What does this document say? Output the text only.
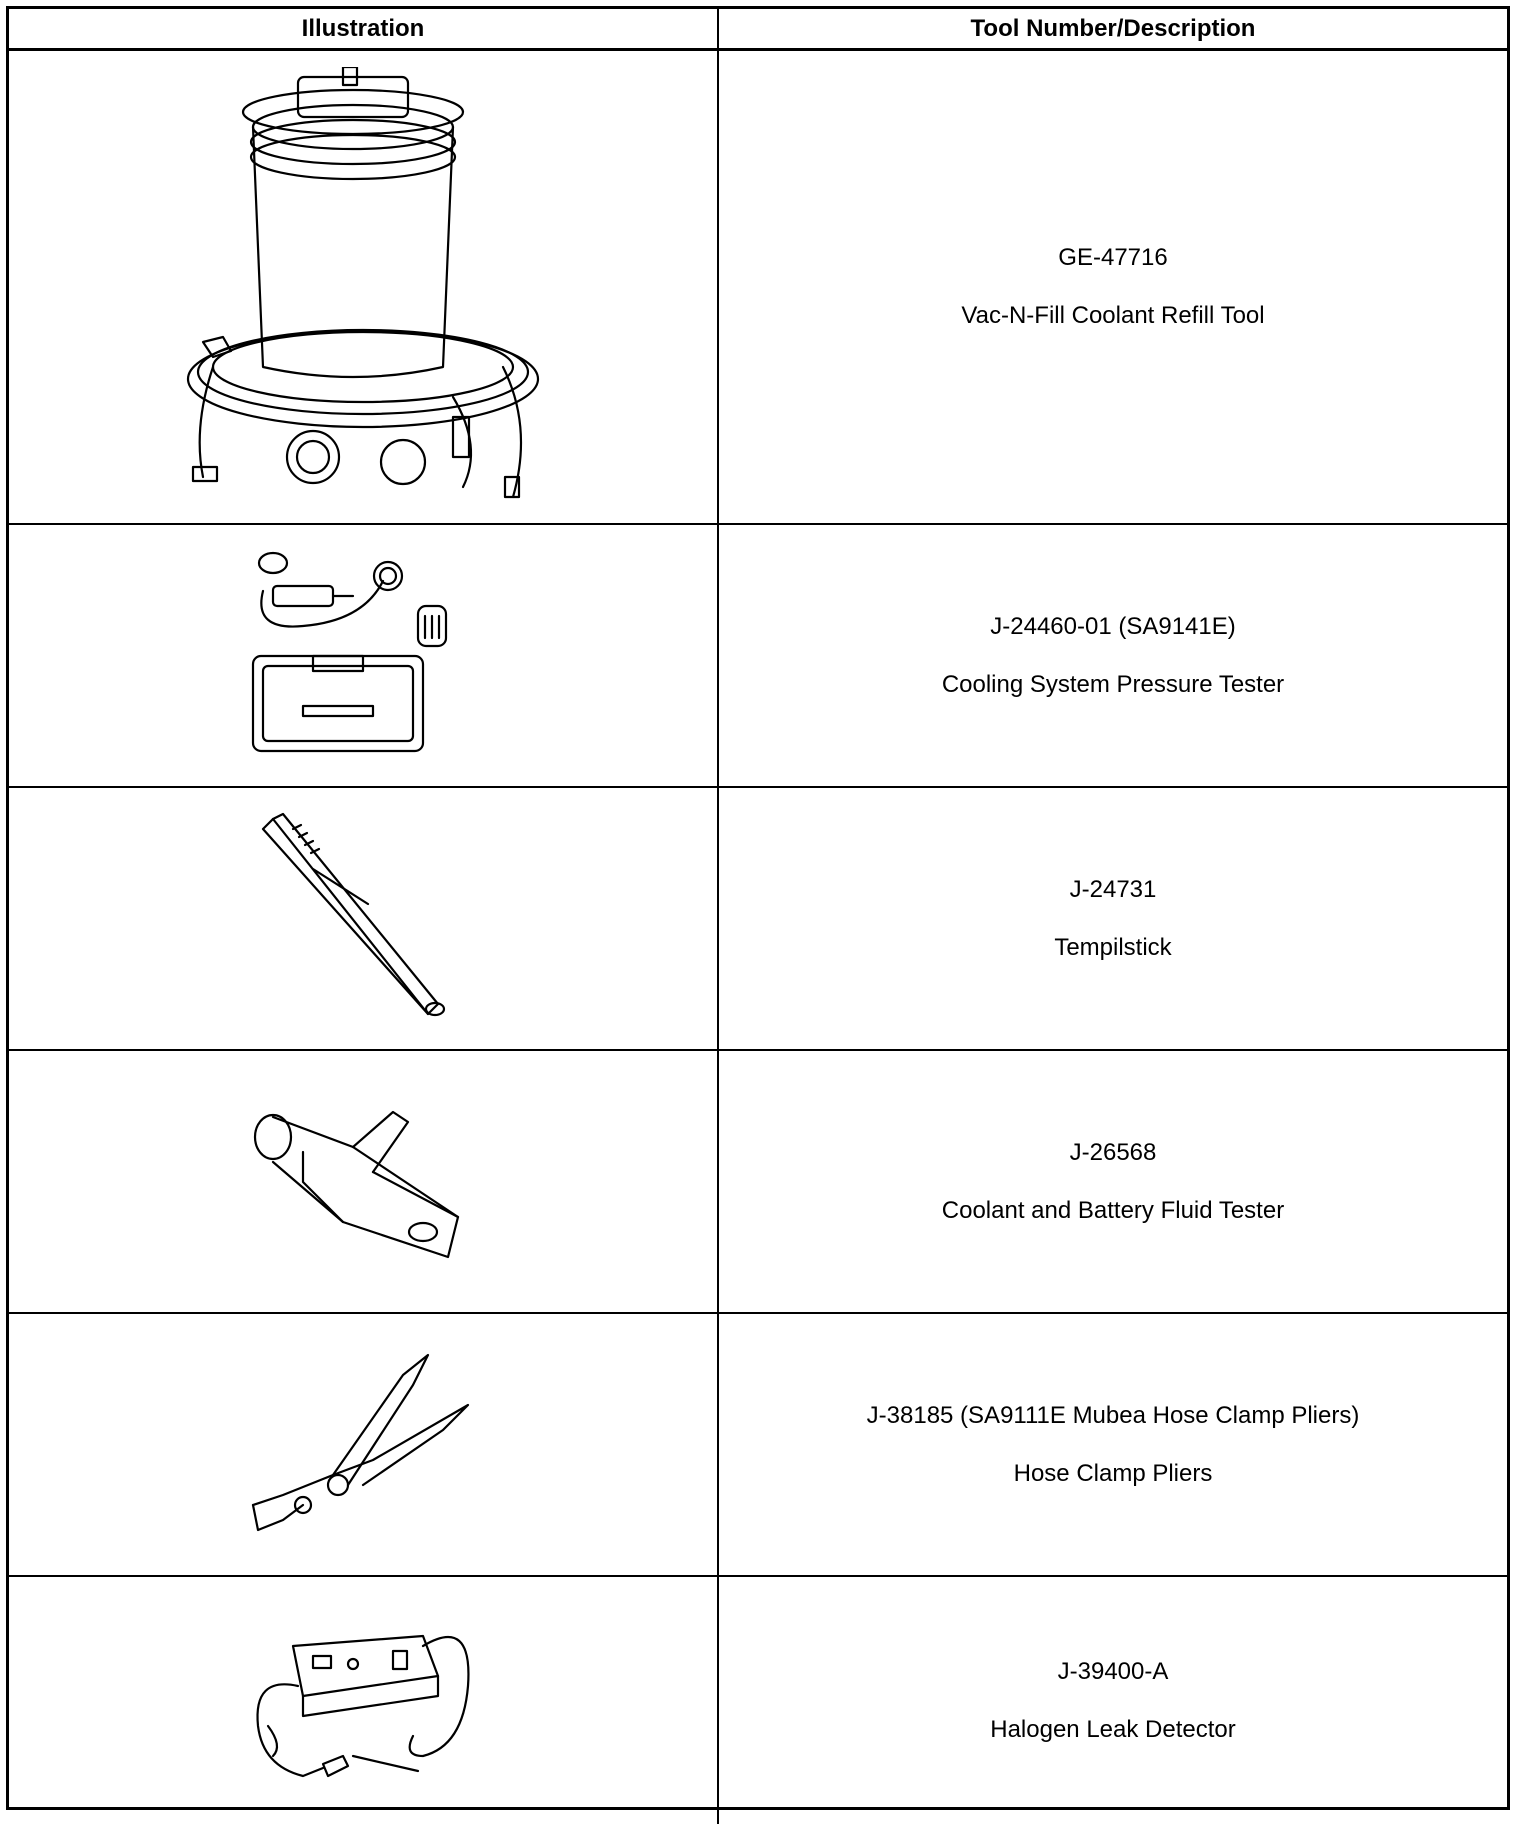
Illustration	Tool Number/Description
GE-47716
Vac-N-Fill Coolant Refill Tool
J-24460-01 (SA9141E)
Cooling System Pressure Tester
J-24731
Tempilstick
J-26568
Coolant and Battery Fluid Tester
J-38185 (SA9111E Mubea Hose Clamp Pliers)
Hose Clamp Pliers
J-39400-A
Halogen Leak Detector
